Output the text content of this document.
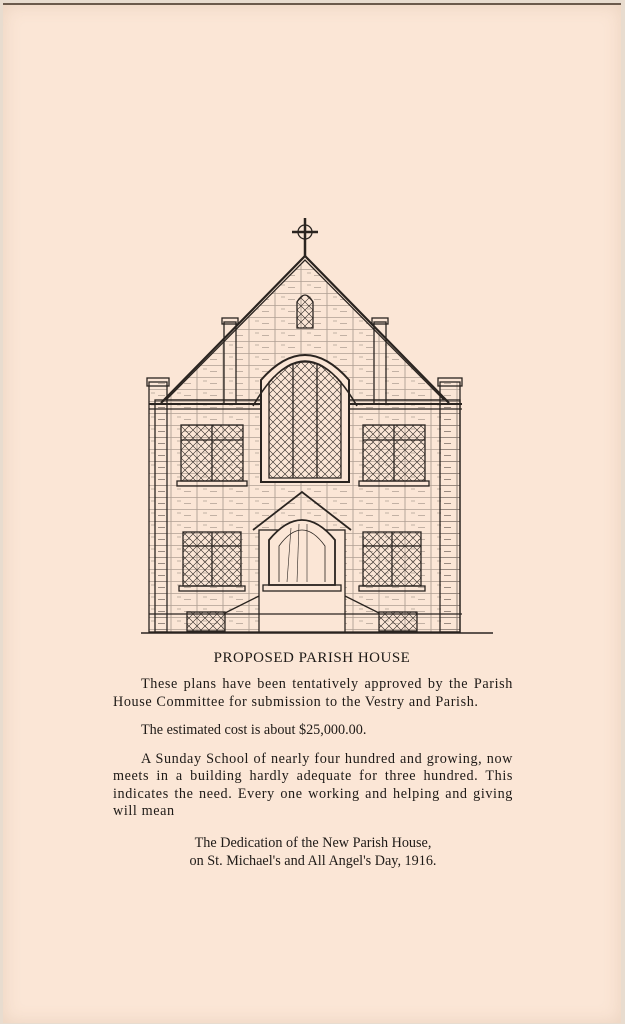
PROPOSED PARISH HOUSE

These plans have been tentatively approved by the Parish House Committee for submission to the Vestry and Parish.

The estimated cost is about $25,000.00.

A Sunday School of nearly four hundred and growing, now meets in a building hardly adequate for three hundred. This indicates the need. Every one working and helping and giving will mean

The Dedication of the New Parish House,
on St. Michael's and All Angel's Day, 1916.
